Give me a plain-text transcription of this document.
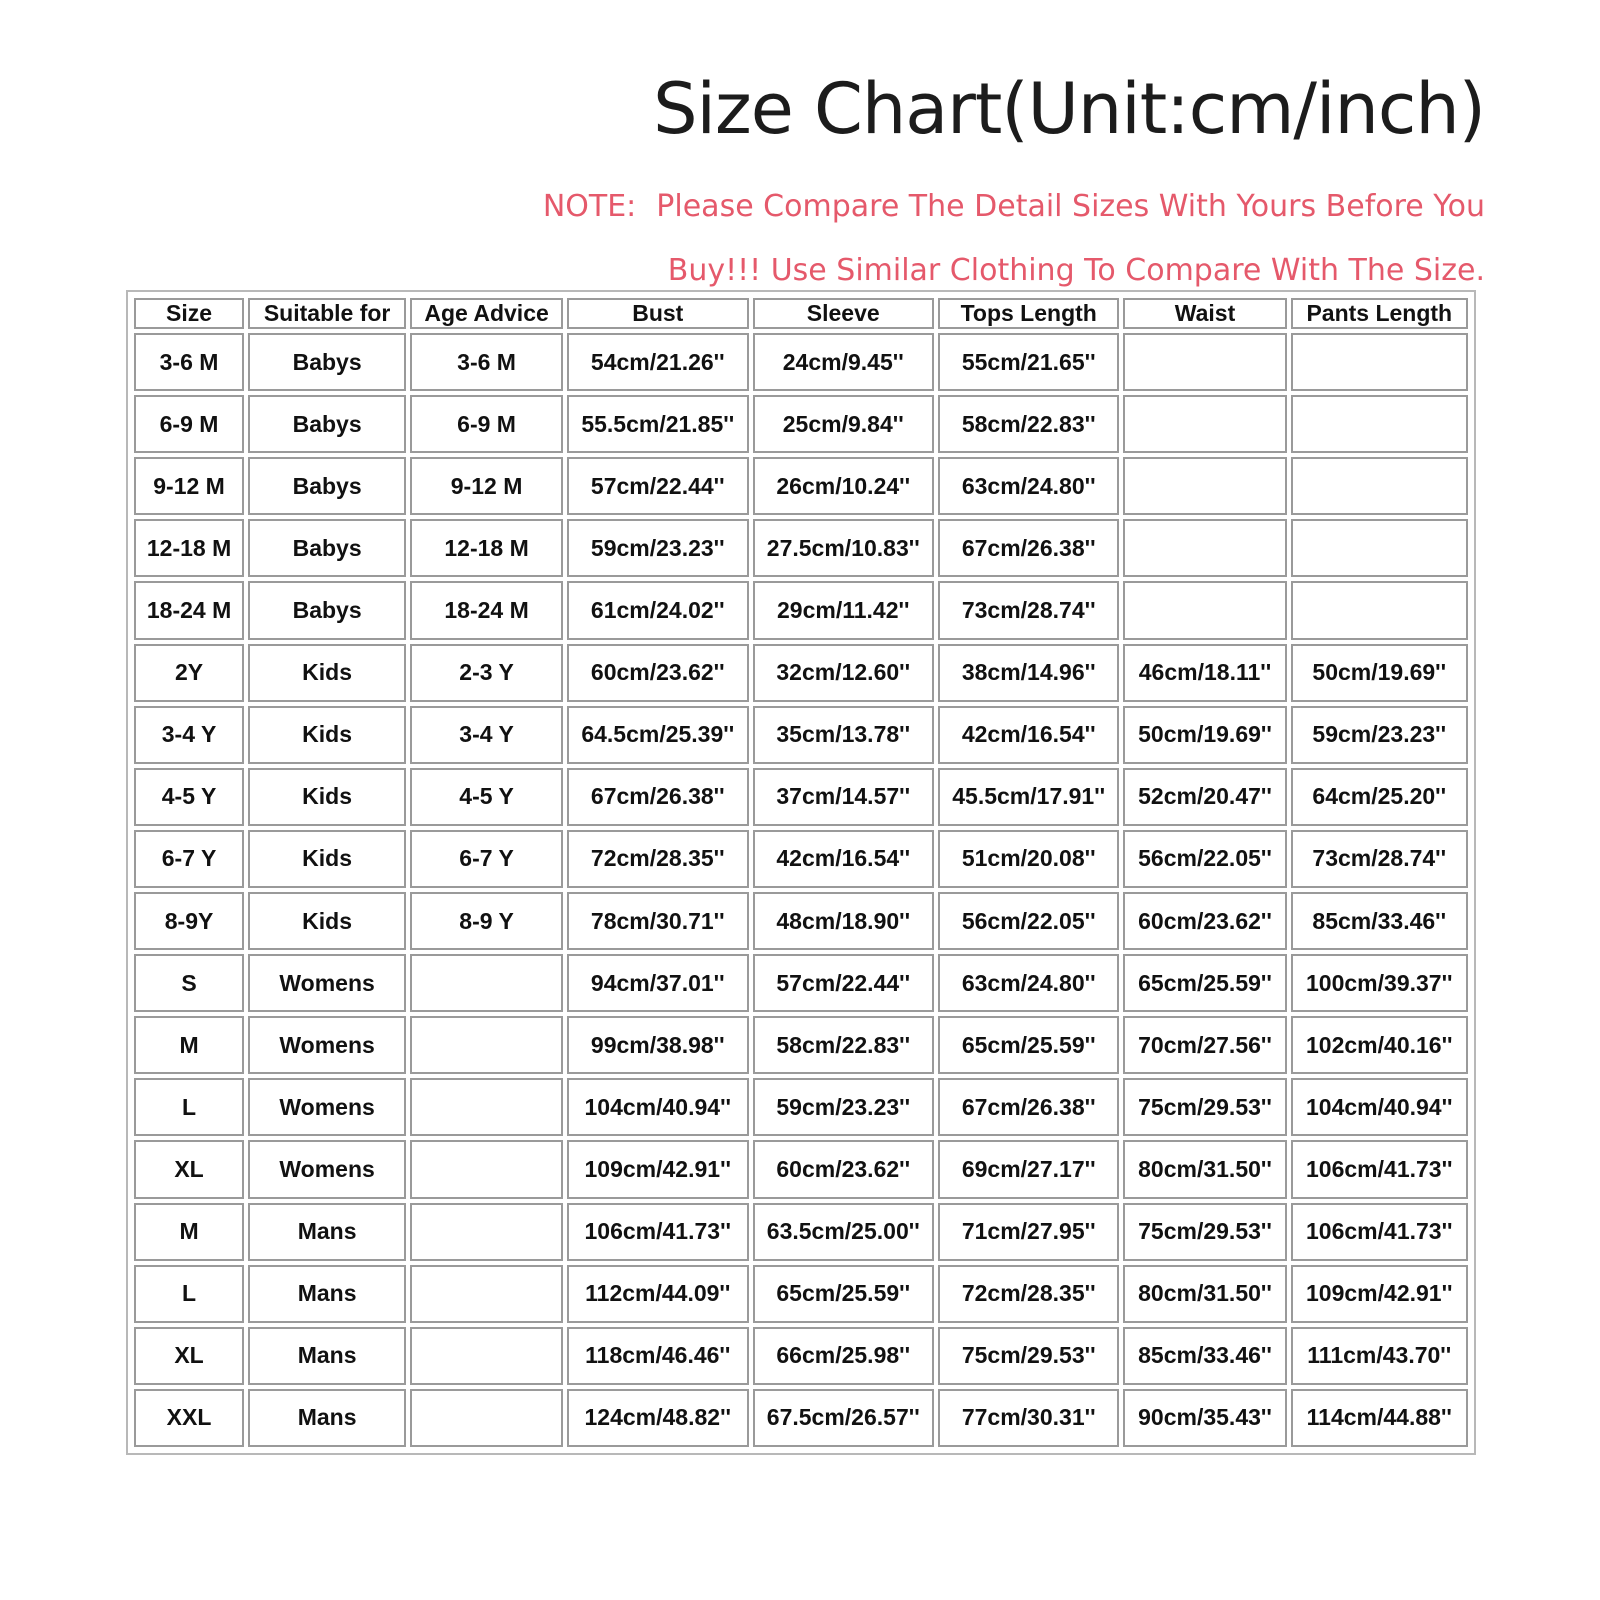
Size Chart(Unit:cm/inch)

NOTE: Please Compare The Detail Sizes With Yours Before You Buy!!! Use Similar Clothing To Compare With The Size.

Size	Suitable for	Age Advice	Bust	Sleeve	Tops Length	Waist	Pants Length
3-6 M	Babys	3-6 M	54cm/21.26''	24cm/9.45''	55cm/21.65''		
6-9 M	Babys	6-9 M	55.5cm/21.85''	25cm/9.84''	58cm/22.83''		
9-12 M	Babys	9-12 M	57cm/22.44''	26cm/10.24''	63cm/24.80''		
12-18 M	Babys	12-18 M	59cm/23.23''	27.5cm/10.83''	67cm/26.38''		
18-24 M	Babys	18-24 M	61cm/24.02''	29cm/11.42''	73cm/28.74''		
2Y	Kids	2-3 Y	60cm/23.62''	32cm/12.60''	38cm/14.96''	46cm/18.11''	50cm/19.69''
3-4 Y	Kids	3-4 Y	64.5cm/25.39''	35cm/13.78''	42cm/16.54''	50cm/19.69''	59cm/23.23''
4-5 Y	Kids	4-5 Y	67cm/26.38''	37cm/14.57''	45.5cm/17.91''	52cm/20.47''	64cm/25.20''
6-7 Y	Kids	6-7 Y	72cm/28.35''	42cm/16.54''	51cm/20.08''	56cm/22.05''	73cm/28.74''
8-9Y	Kids	8-9 Y	78cm/30.71''	48cm/18.90''	56cm/22.05''	60cm/23.62''	85cm/33.46''
S	Womens		94cm/37.01''	57cm/22.44''	63cm/24.80''	65cm/25.59''	100cm/39.37''
M	Womens		99cm/38.98''	58cm/22.83''	65cm/25.59''	70cm/27.56''	102cm/40.16''
L	Womens		104cm/40.94''	59cm/23.23''	67cm/26.38''	75cm/29.53''	104cm/40.94''
XL	Womens		109cm/42.91''	60cm/23.62''	69cm/27.17''	80cm/31.50''	106cm/41.73''
M	Mans		106cm/41.73''	63.5cm/25.00''	71cm/27.95''	75cm/29.53''	106cm/41.73''
L	Mans		112cm/44.09''	65cm/25.59''	72cm/28.35''	80cm/31.50''	109cm/42.91''
XL	Mans		118cm/46.46''	66cm/25.98''	75cm/29.53''	85cm/33.46''	111cm/43.70''
XXL	Mans		124cm/48.82''	67.5cm/26.57''	77cm/30.31''	90cm/35.43''	114cm/44.88''
